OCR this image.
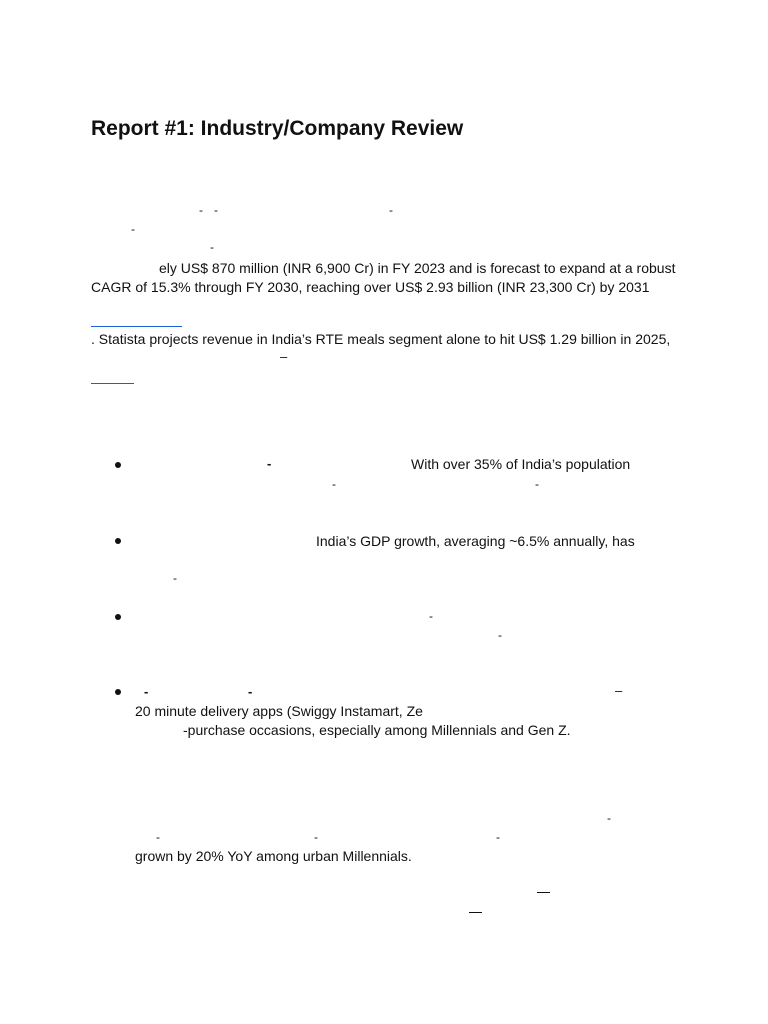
Report #1: Industry/Company Review
- -	-
-
-
ely US$ 870 million (INR 6,900 Cr) in FY 2023 and is forecast to expand at a robust
CAGR of 15.3% through FY 2030, reaching over US$ 2.93 billion (INR 23,300 Cr) by 2031
. Statista projects revenue in India’s RTE meals segment alone to hit US$ 1.29 billion in 2025,
–
-	With over 35% of India’s population
-	-
India’s GDP growth, averaging ~6.5% annually, has
-
-
-
-	-	–
20 minute delivery apps (Swiggy Instamart, Ze
-purchase occasions, especially among Millennials and Gen Z.
-
-	-	-
grown by 20% YoY among urban Millennials.
